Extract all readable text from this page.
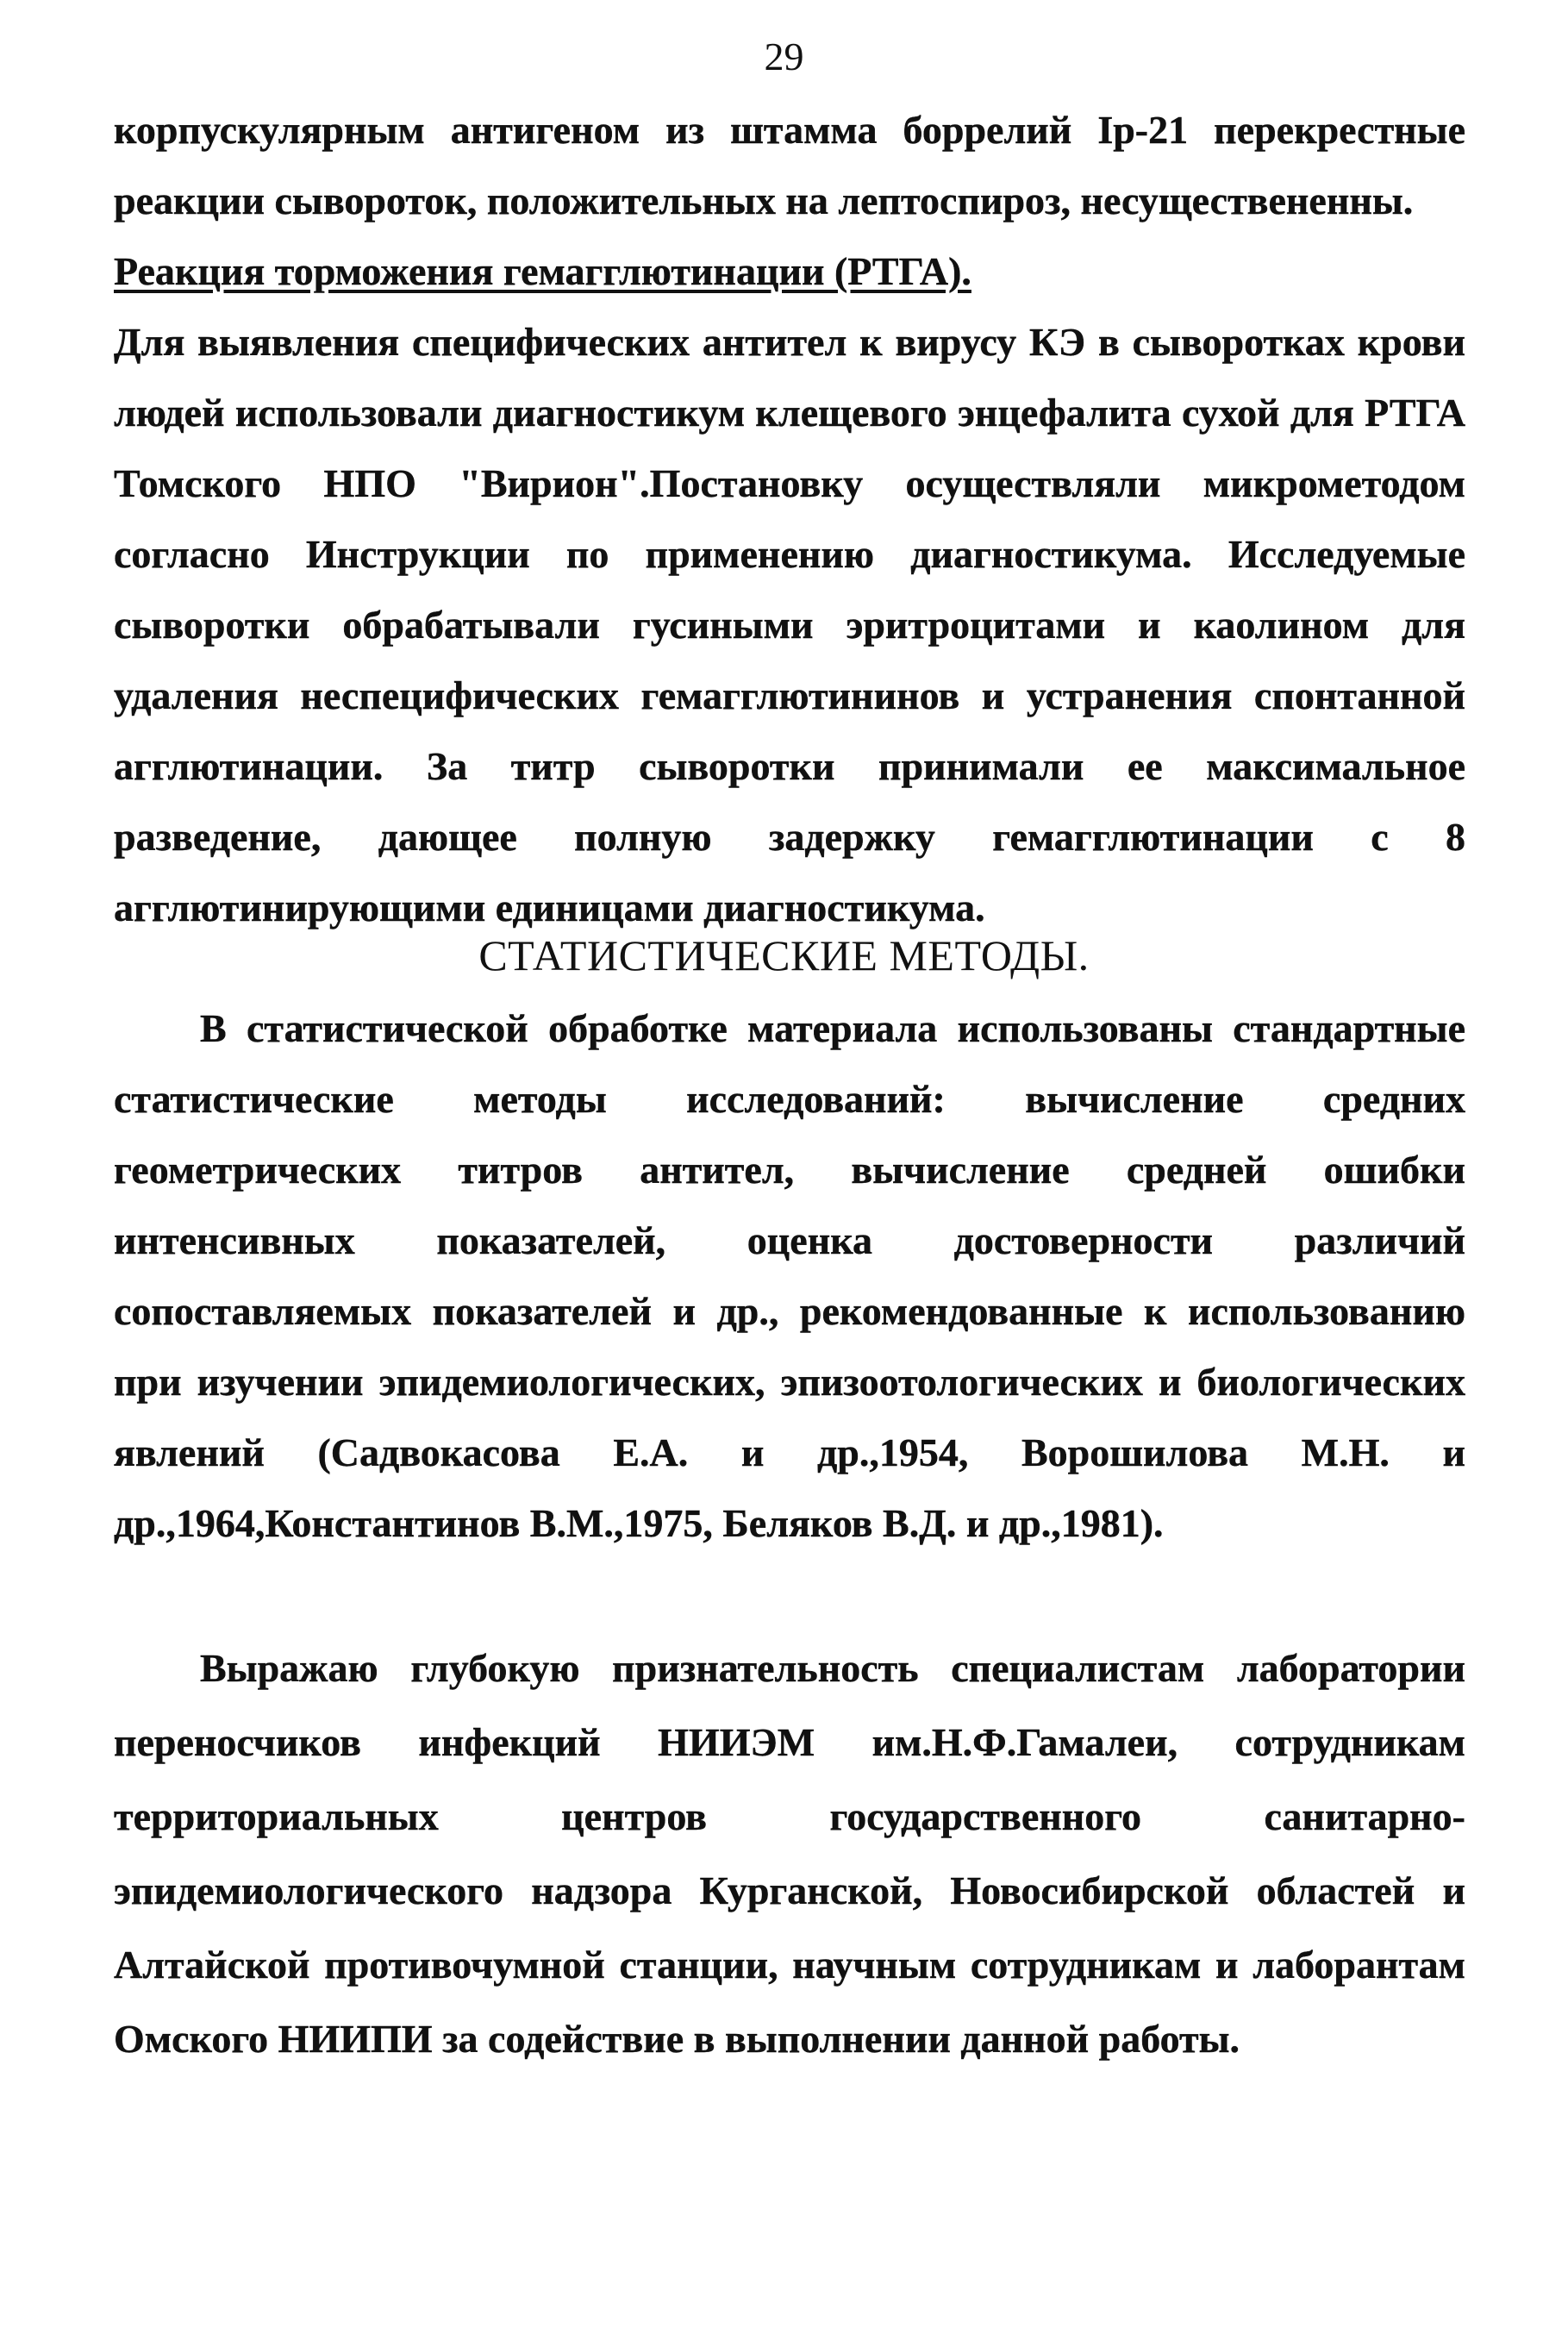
29

корпускулярным антигеном из штамма боррелий Ip-21 перекрестные реакции сывороток, положительных на лептоспироз, несуществененны.

Реакция торможения гемагглютинации (РТГА).

Для выявления специфических антител к вирусу КЭ в сыворотках крови людей использовали диагностикум клещевого энцефалита сухой для РТГА Томского НПО "Вирион".Постановку осуществляли микрометодом согласно Инструкции по применению диагностикума. Исследуемые сыворотки обрабатывали гусиными эритроцитами и каолином для удаления неспецифических гемагглютининов и устранения спонтанной агглютинации. За титр сыворотки принимали ее максимальное разведение, дающее полную задержку гемагглютинации с 8 агглютинирующими единицами диагностикума.

СТАТИСТИЧЕСКИЕ МЕТОДЫ.

В статистической обработке материала использованы стандартные статистические методы исследований: вычисление средних геометрических титров антител, вычисление средней ошибки интенсивных показателей, оценка достоверности различий сопоставляемых показателей и др., рекомендованные к использованию при изучении эпидемиологических, эпизоотологических и биологических явлений (Садвокасова Е.А. и др.,1954, Ворошилова М.Н. и др.,1964,Константинов В.М.,1975, Беляков В.Д. и др.,1981).

Выражаю глубокую признательность специалистам лаборатории переносчиков инфекций НИИЭМ им.Н.Ф.Гамалеи, сотрудникам территориальных центров государственного санитарно-эпидемиологического надзора Курганской, Новосибирской областей и Алтайской противочумной станции, научным сотрудникам и лаборантам Омского НИИПИ за содействие в выполнении данной работы.
